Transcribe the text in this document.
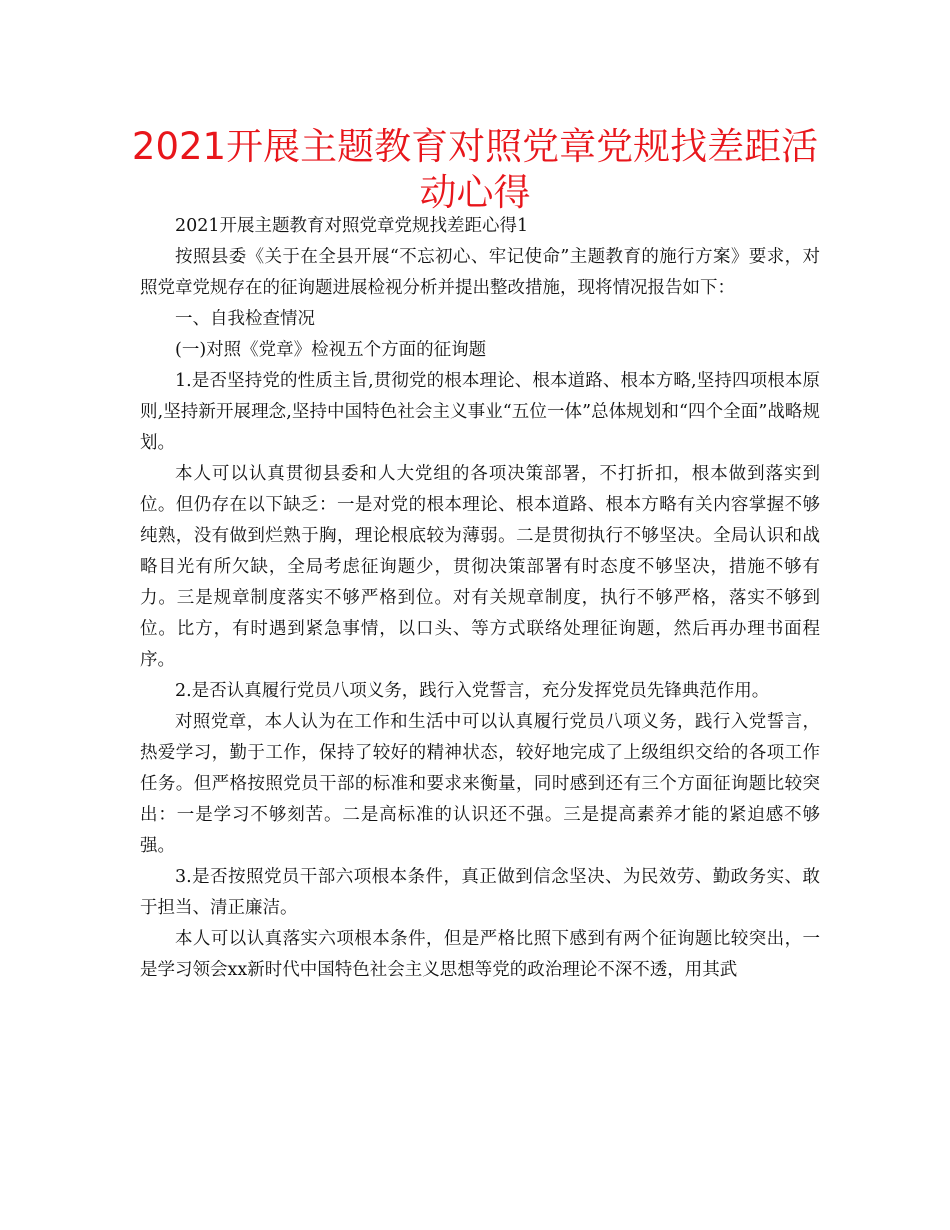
2021开展主题教育对照党章党规找差距活动心得

2021开展主题教育对照党章党规找差距心得1

按照县委《关于在全县开展“不忘初心、牢记使命”主题教育的施行方案》要求，对照党章党规存在的征询题进展检视分析并提出整改措施，现将情况报告如下：

一、自我检查情况

(一)对照《党章》检视五个方面的征询题

1.是否坚持党的性质主旨,贯彻党的根本理论、根本道路、根本方略,坚持四项根本原则,坚持新开展理念,坚持中国特色社会主义事业“五位一体”总体规划和“四个全面”战略规划。

本人可以认真贯彻县委和人大党组的各项决策部署，不打折扣，根本做到落实到位。但仍存在以下缺乏：一是对党的根本理论、根本道路、根本方略有关内容掌握不够纯熟，没有做到烂熟于胸，理论根底较为薄弱。二是贯彻执行不够坚决。全局认识和战略目光有所欠缺，全局考虑征询题少，贯彻决策部署有时态度不够坚决，措施不够有力。三是规章制度落实不够严格到位。对有关规章制度，执行不够严格，落实不够到位。比方，有时遇到紧急事情，以口头、等方式联络处理征询题，然后再办理书面程序。

2.是否认真履行党员八项义务，践行入党誓言，充分发挥党员先锋典范作用。

对照党章，本人认为在工作和生活中可以认真履行党员八项义务，践行入党誓言，热爱学习，勤于工作，保持了较好的精神状态，较好地完成了上级组织交给的各项工作任务。但严格按照党员干部的标准和要求来衡量，同时感到还有三个方面征询题比较突出：一是学习不够刻苦。二是高标准的认识还不强。三是提高素养才能的紧迫感不够强。

3.是否按照党员干部六项根本条件，真正做到信念坚决、为民效劳、勤政务实、敢于担当、清正廉洁。

本人可以认真落实六项根本条件，但是严格比照下感到有两个征询题比较突出，一是学习领会xx新时代中国特色社会主义思想等党的政治理论不深不透，用其武
